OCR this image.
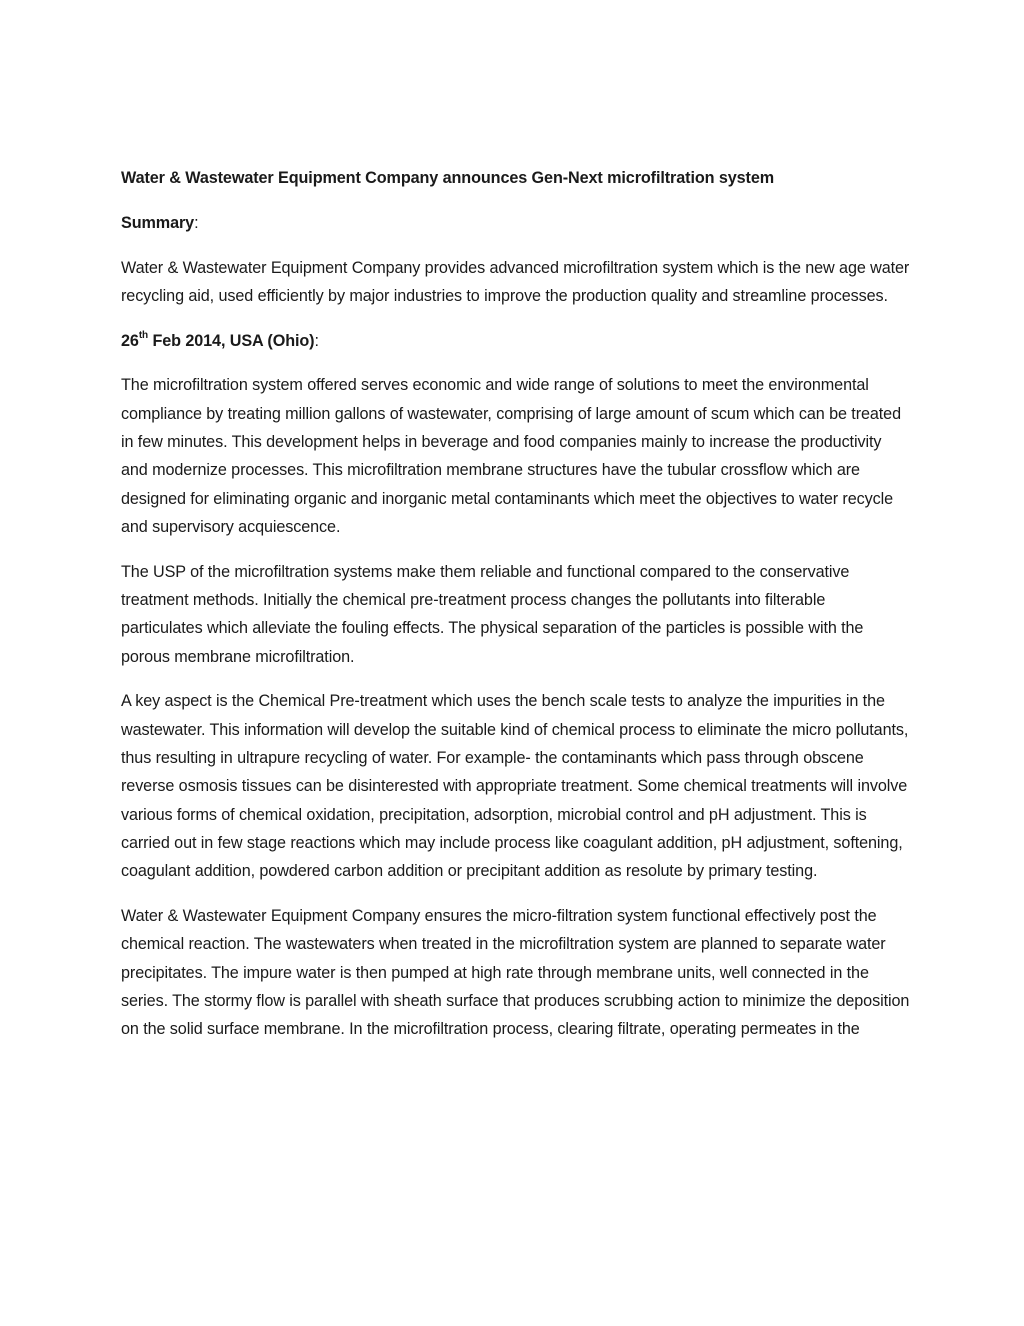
Water & Wastewater Equipment Company announces Gen-Next microfiltration system

Summary:

Water & Wastewater Equipment Company provides advanced microfiltration system which is the new age water recycling aid, used efficiently by major industries to improve the production quality and streamline processes.

26th Feb 2014, USA (Ohio):

The microfiltration system offered serves economic and wide range of solutions to meet the environmental compliance by treating million gallons of wastewater, comprising of large amount of scum which can be treated in few minutes. This development helps in beverage and food companies mainly to increase the productivity and modernize processes. This microfiltration membrane structures have the tubular crossflow which are designed for eliminating organic and inorganic metal contaminants which meet the objectives to water recycle and supervisory acquiescence.

The USP of the microfiltration systems make them reliable and functional compared to the conservative treatment methods. Initially the chemical pre-treatment process changes the pollutants into filterable particulates which alleviate the fouling effects. The physical separation of the particles is possible with the porous membrane microfiltration.

A key aspect is the Chemical Pre-treatment which uses the bench scale tests to analyze the impurities in the wastewater. This information will develop the suitable kind of chemical process to eliminate the micro pollutants, thus resulting in ultrapure recycling of water. For example- the contaminants which pass through obscene reverse osmosis tissues can be disinterested with appropriate treatment. Some chemical treatments will involve various forms of chemical oxidation, precipitation, adsorption, microbial control and pH adjustment. This is carried out in few stage reactions which may include process like coagulant addition, pH adjustment, softening, coagulant addition, powdered carbon addition or precipitant addition as resolute by primary testing.

Water & Wastewater Equipment Company ensures the micro-filtration system functional effectively post the chemical reaction. The wastewaters when treated in the microfiltration system are planned to separate water precipitates. The impure water is then pumped at high rate through membrane units, well connected in the series. The stormy flow is parallel with sheath surface that produces scrubbing action to minimize the deposition on the solid surface membrane. In the microfiltration process, clearing filtrate, operating permeates in the
